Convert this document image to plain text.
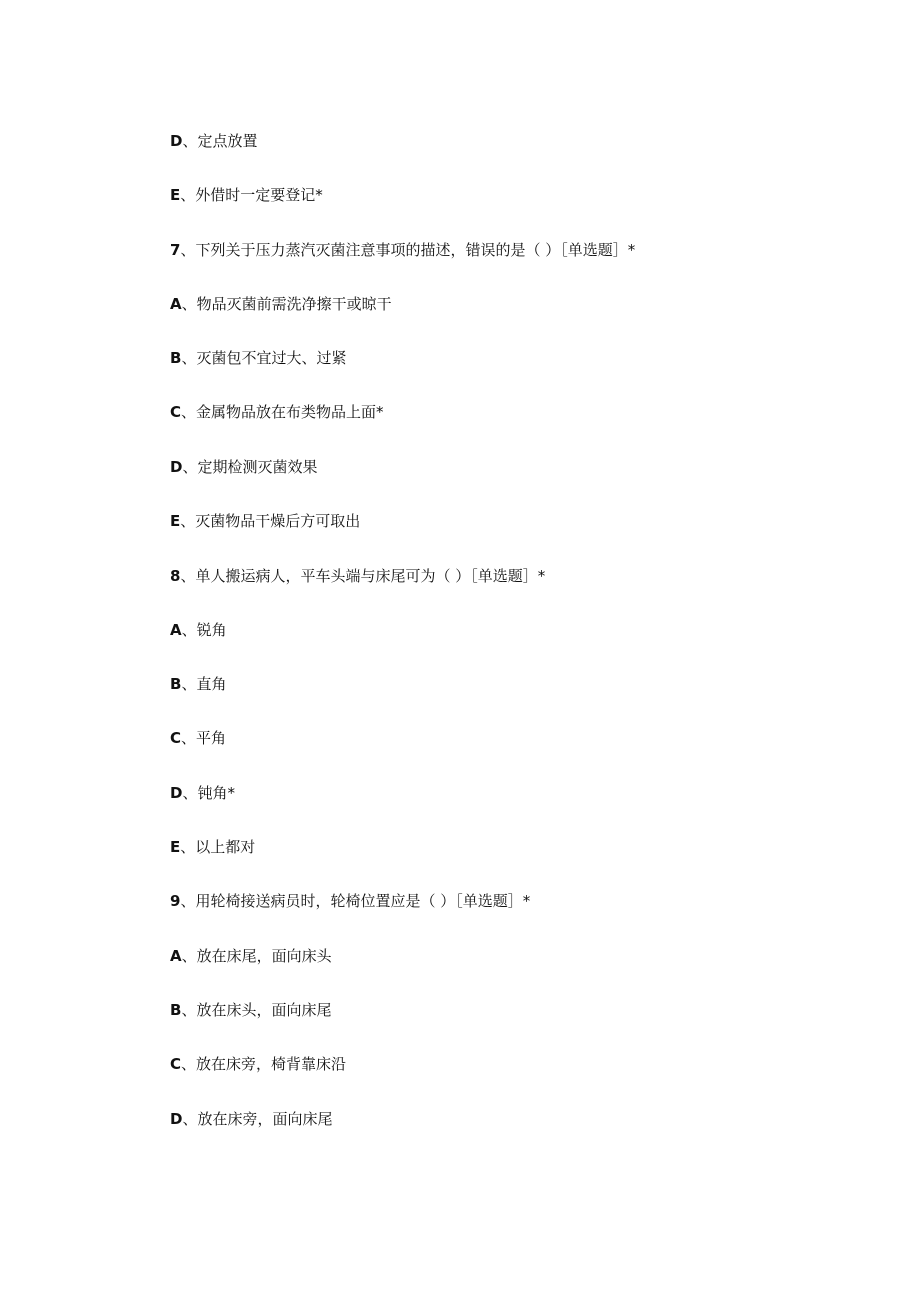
D、定点放置
E、外借时一定要登记*
7、下列关于压力蒸汽灭菌注意事项的描述，错误的是（ ）［单选题］*
A、物品灭菌前需洗净擦干或晾干
B、灭菌包不宜过大、过紧
C、金属物品放在布类物品上面*
D、定期检测灭菌效果
E、灭菌物品干燥后方可取出
8、单人搬运病人，平车头端与床尾可为（ ）［单选题］*
A、锐角
B、直角
C、平角
D、钝角*
E、以上都对
9、用轮椅接送病员时，轮椅位置应是（ ）［单选题］*
A、放在床尾，面向床头
B、放在床头，面向床尾
C、放在床旁，椅背靠床沿
D、放在床旁，面向床尾
